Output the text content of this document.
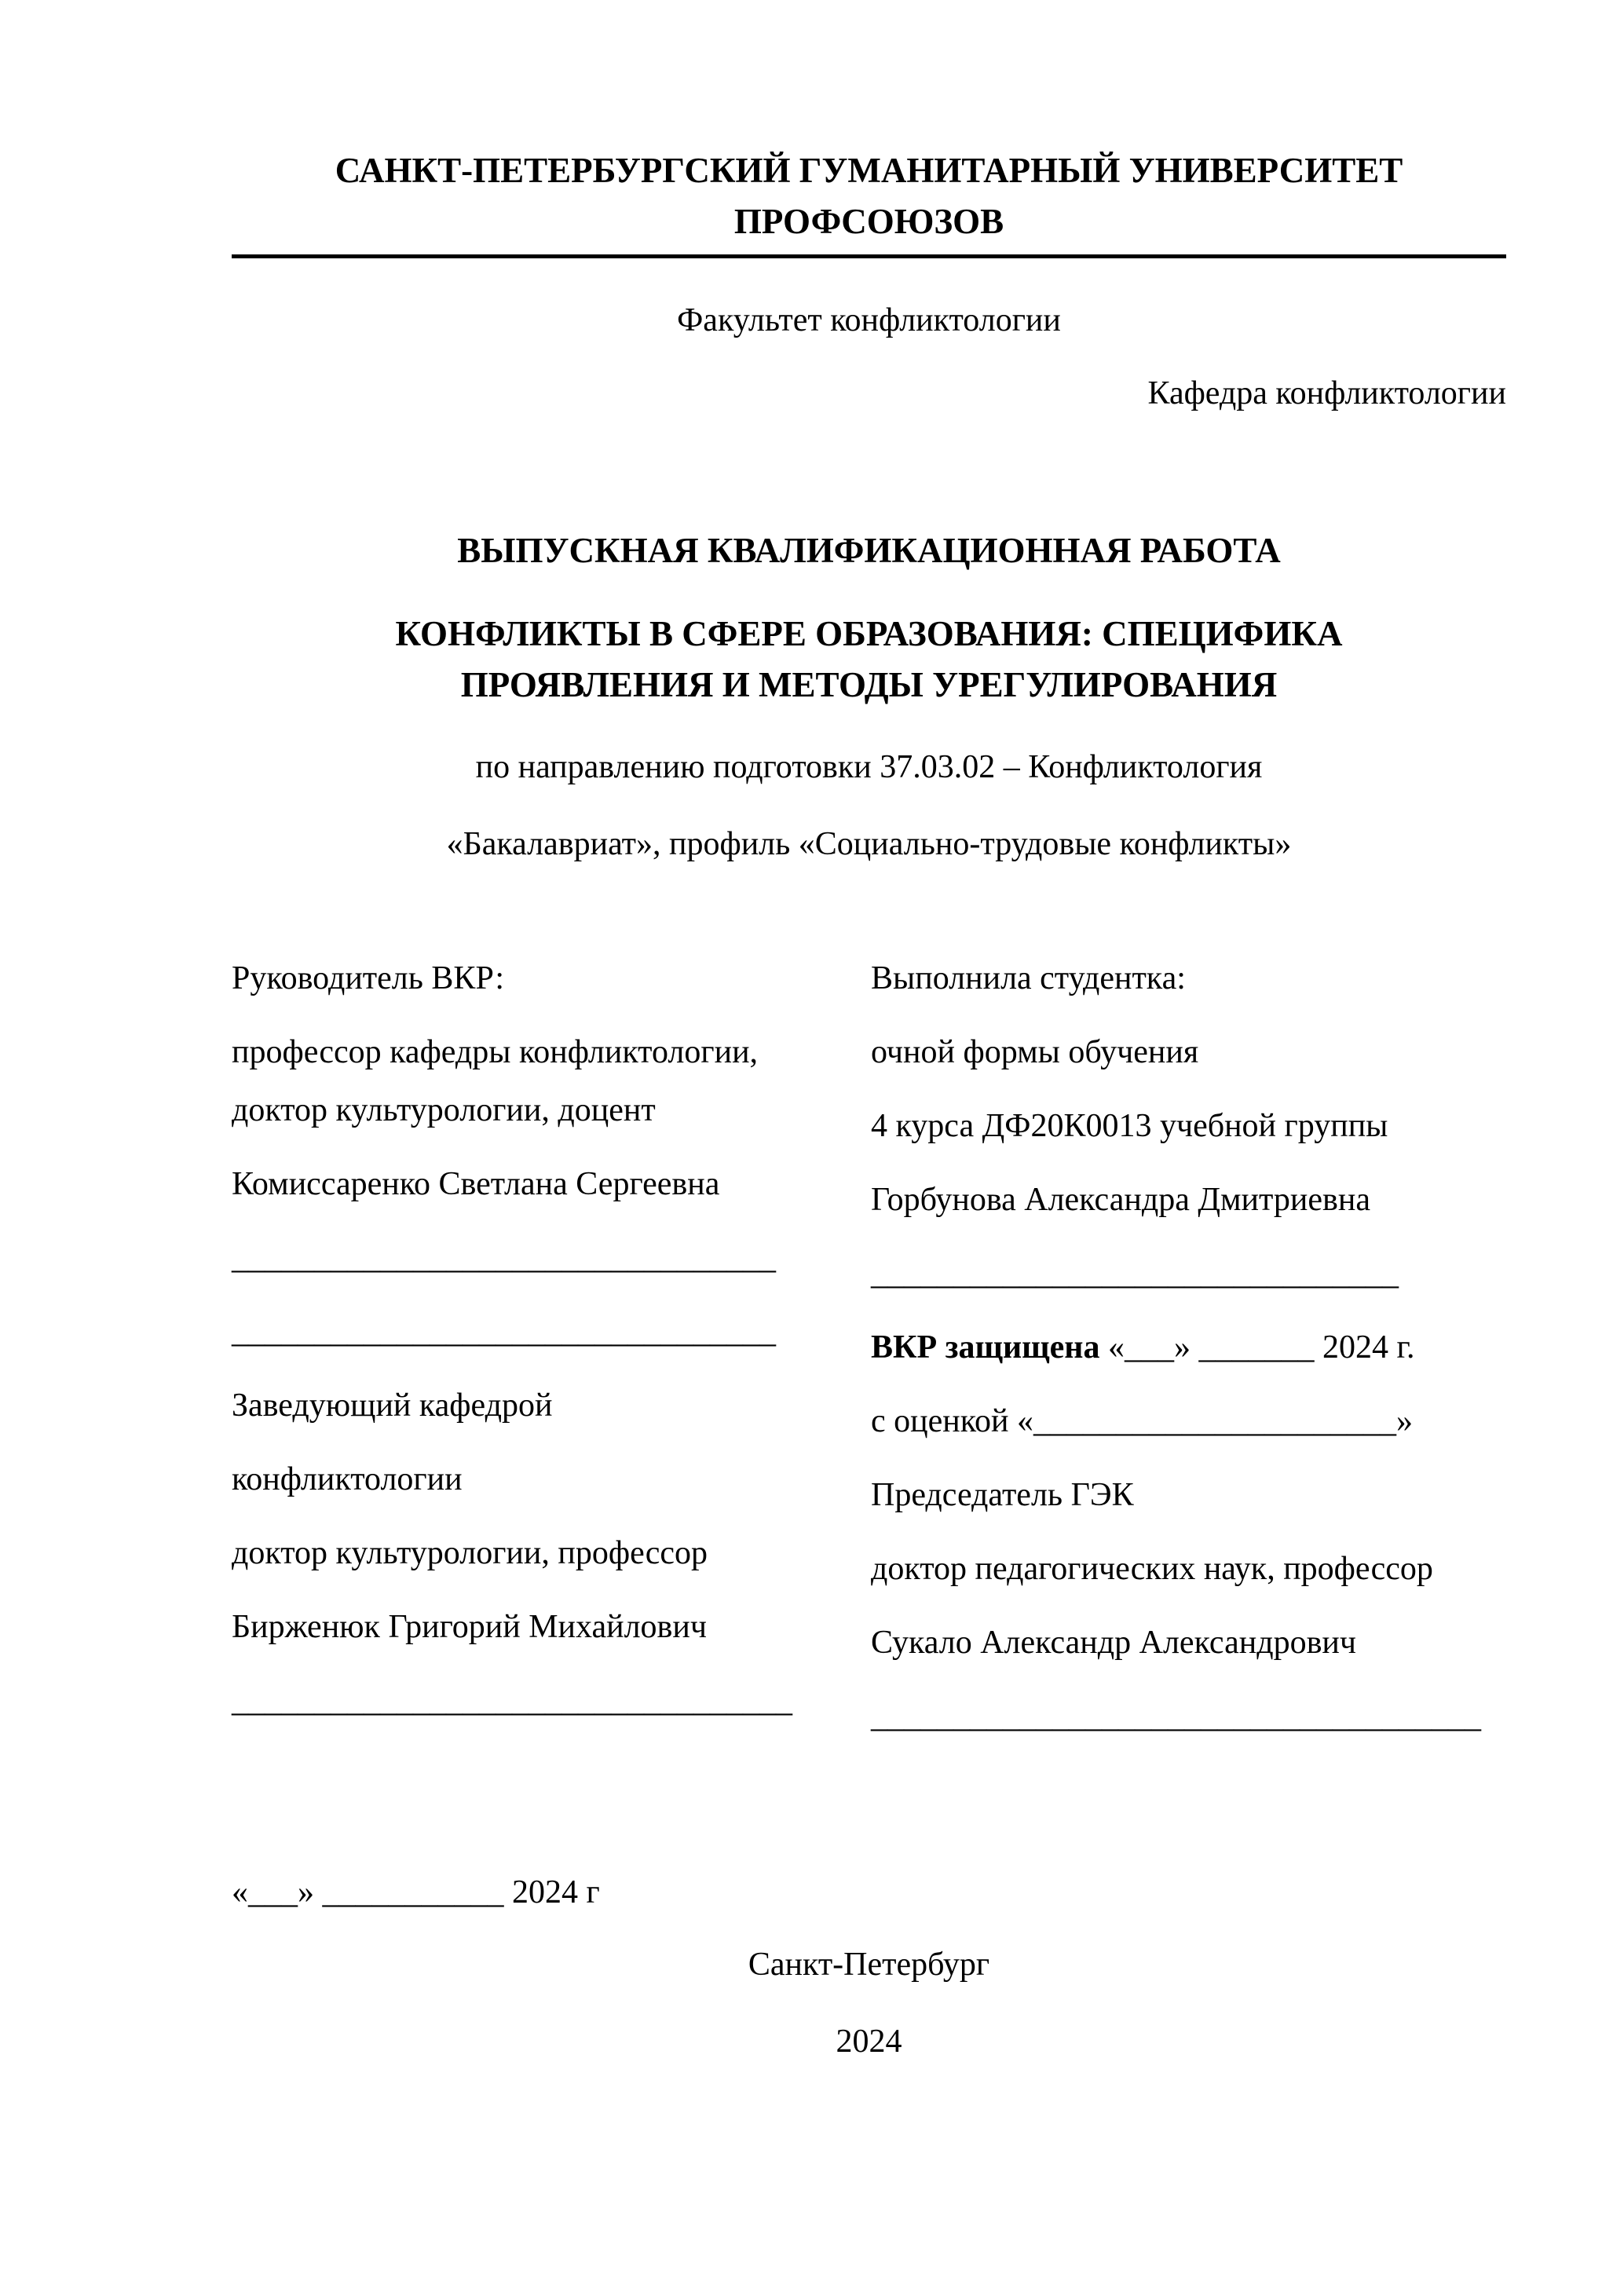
САНКТ-ПЕТЕРБУРГСКИЙ ГУМАНИТАРНЫЙ УНИВЕРСИТЕТ
ПРОФСОЮЗОВ
Факультет конфликтологии
Кафедра конфликтологии
ВЫПУСКНАЯ КВАЛИФИКАЦИОННАЯ РАБОТА
КОНФЛИКТЫ В СФЕРЕ ОБРАЗОВАНИЯ: СПЕЦИФИКА
ПРОЯВЛЕНИЯ И МЕТОДЫ УРЕГУЛИРОВАНИЯ
по направлению подготовки 37.03.02 – Конфликтология
«Бакалавриат», профиль «Социально-трудовые конфликты»

Руководитель ВКР:

профессор кафедры конфликтологии,

доктор культурологии, доцент

Комиссаренко Светлана Сергеевна

_________________________________

_________________________________

Заведующий кафедрой

конфликтологии

доктор культурологии, профессор

Бирженюк Григорий Михайлович

__________________________________

Выполнила студентка:

очной формы обучения

4 курса ДФ20К0013 учебной группы

Горбунова Александра Дмитриевна

________________________________

ВКР защищена «___» _______ 2024 г.

с оценкой «______________________»

Председатель ГЭК

доктор педагогических наук, профессор

Сукало Александр Александрович

_____________________________________

«___» ___________ 2024 г

Санкт-Петербург

2024
